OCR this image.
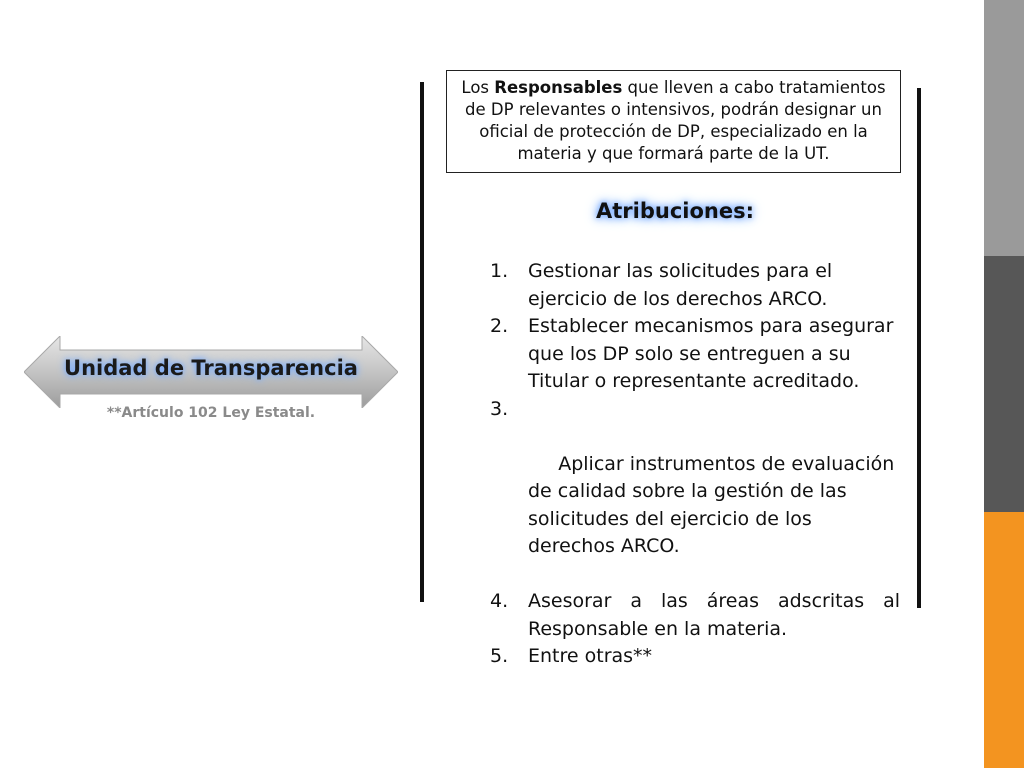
Los Responsables que lleven a cabo tratamientos de DP relevantes o intensivos, podrán designar un oficial de protección de DP, especializado en la materia y que formará parte de la UT.
Atribuciones:
1. Gestionar las solicitudes para el ejercicio de los derechos ARCO.
2. Establecer mecanismos para asegurar que los DP solo se entreguen a su Titular o representante acreditado.

3.

Aplicar instrumentos de evaluación de calidad sobre la gestión de las solicitudes del ejercicio de los derechos ARCO.

4. Asesorar a las áreas adscritas al Responsable en la materia.
5. Entre otras**
Unidad de Transparencia
**Artículo 102 Ley Estatal.
